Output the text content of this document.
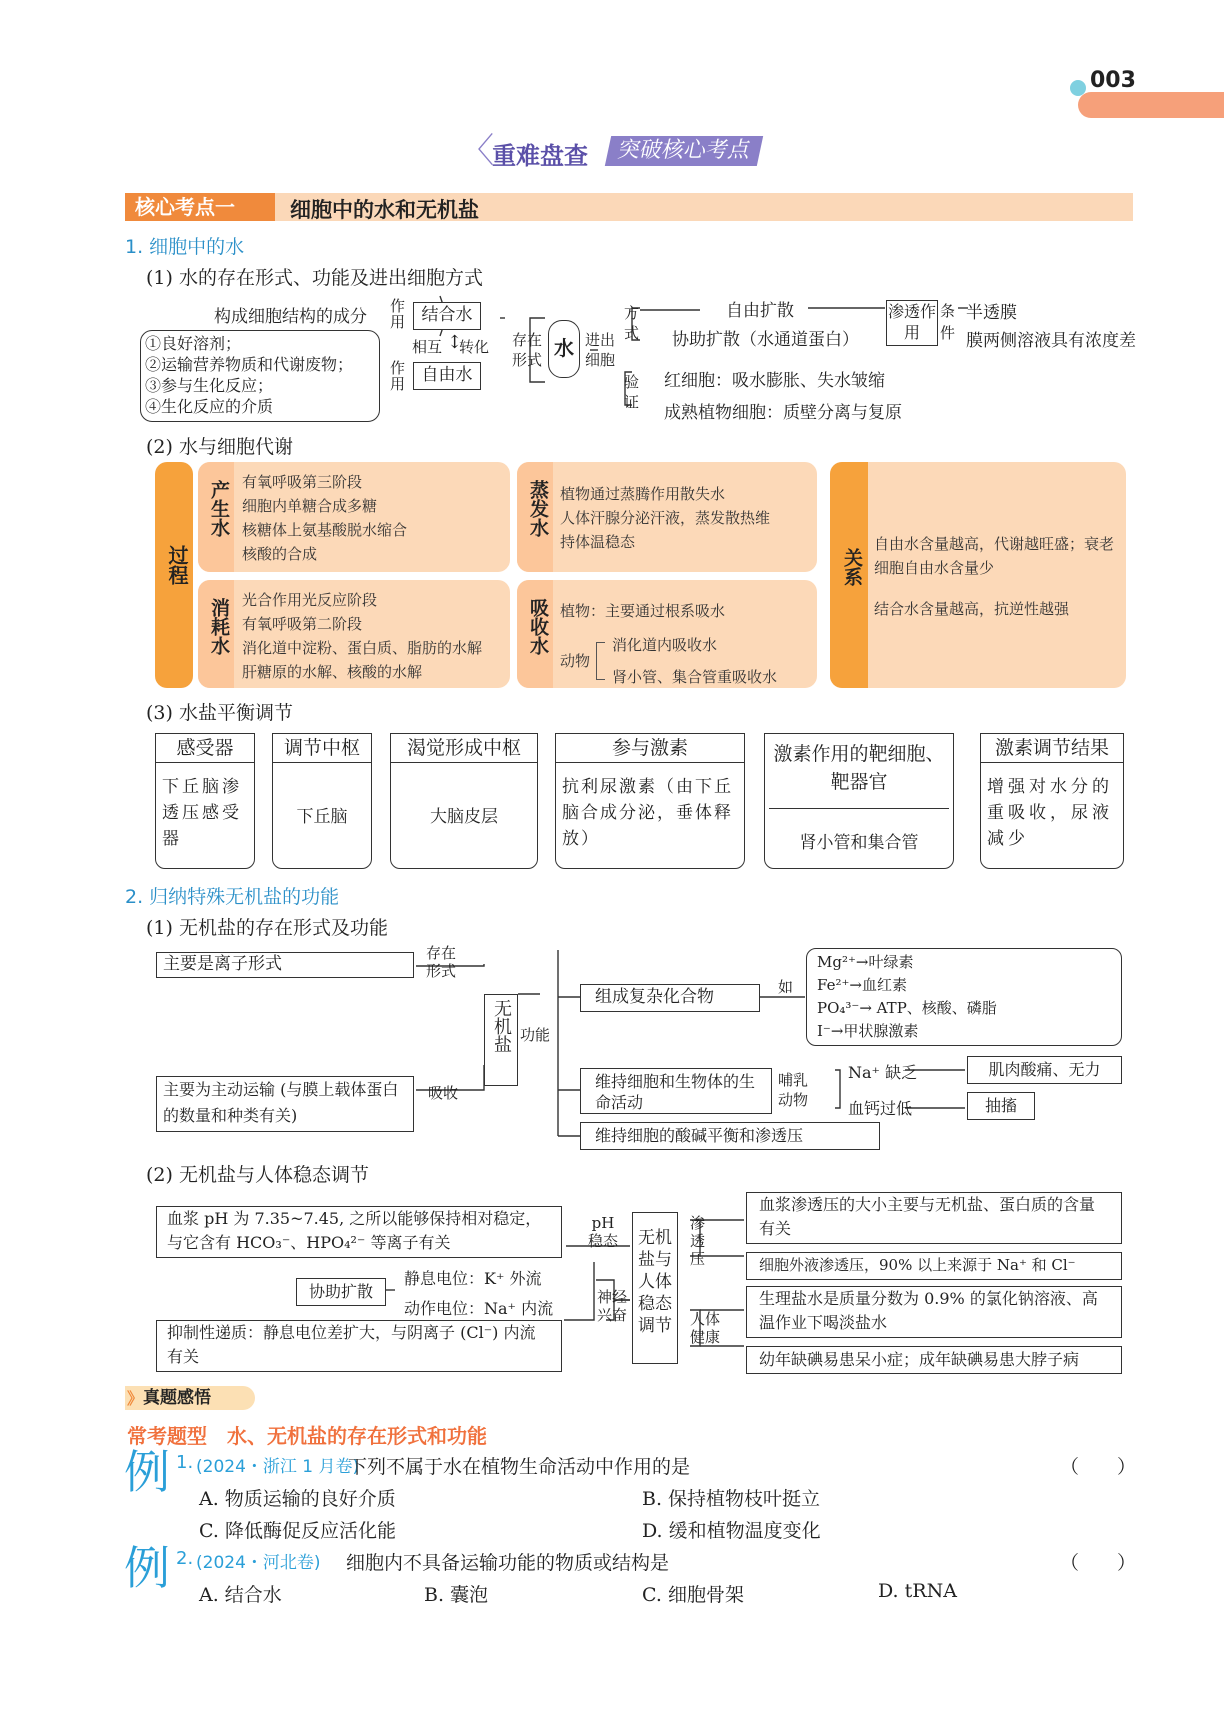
003
〈
重难盘查	突破核心考点
核心考点一	细胞中的水和无机盐
1. 细胞中的水
(1) 水的存在形式、功能及进出细胞方式
构成细胞结构的成分
作用 结合水
相互 ↕
转化
自由水
作用
①良好溶剂；
②运输营养物质和代谢废物；
③参与生化反应；
④生化反应的介质
存在形式 水 进出细胞
方式
自由扩散
协助扩散（水通道蛋白）
渗透作用
条件
半透膜
膜两侧溶液具有浓度差
验证
红细胞：吸水膨胀、失水皱缩
成熟植物细胞：质壁分离与复原
(2) 水与细胞代谢
过程
产生水 有氧呼吸第三阶段
细胞内单糖合成多糖
核糖体上氨基酸脱水缩合
核酸的合成
消耗水 光合作用光反应阶段
有氧呼吸第二阶段
消化道中淀粉、蛋白质、脂肪的水解
肝糖原的水解、核酸的水解
蒸发水 植物通过蒸腾作用散失水
人体汗腺分泌汗液，蒸发散热维
持体温稳态
吸收水 植物：主要通过根系吸水
动物
消化道内吸收水
肾小管、集合管重吸收水
关系
自由水含量越高，代谢越旺盛；衰老细胞自由水含量少
结合水含量越高，抗逆性越强
(3) 水盐平衡调节
感受器
下丘脑渗透压感受器
调节中枢
下丘脑
渴觉形成中枢
大脑皮层
参与激素
抗利尿激素（由下丘脑合成分泌，垂体释放）
激素作用的靶细胞、靶器官
肾小管和集合管
激素调节结果
增强对水分的重吸收，尿液减少
2. 归纳特殊无机盐的功能
(1) 无机盐的存在形式及功能
主要是离子形式
存在形式
无机盐 功能
主要为主动运输 (与膜上载体蛋白的数量和种类有关)
吸收
组成复杂化合物	如
Mg²⁺→叶绿素
Fe²⁺→血红素
PO₄³⁻→ ATP、核酸、磷脂
I⁻→甲状腺激素
维持细胞和生物体的生命活动
哺乳动物
Na⁺ 缺乏	肌肉酸痛、无力
血钙过低	抽搐
维持细胞的酸碱平衡和渗透压
(2) 无机盐与人体稳态调节
血浆 pH 为 7.35~7.45, 之所以能够保持相对稳定，与它含有 HCO₃⁻、HPO₄²⁻ 等离子有关
pH稳态
协助扩散
静息电位：K⁺ 外流
动作电位：Na⁺ 内流
抑制性递质：静息电位差扩大，与阴离子 (Cl⁻) 内流有关
神经兴奋
无机盐与人体稳态调节
渗透压
血浆渗透压的大小主要与无机盐、蛋白质的含量有关
细胞外液渗透压，90% 以上来源于 Na⁺ 和 Cl⁻
人体健康
生理盐水是质量分数为 0.9% 的氯化钠溶液、高温作业下喝淡盐水
幼年缺碘易患呆小症；成年缺碘易患大脖子病
真题感悟
》
常考题型　水、无机盐的存在形式和功能
例 1. (2024・浙江 1 月卷)
下列不属于水在植物生命活动中作用的是	（　　）
A. 物质运输的良好介质	B. 保持植物枝叶挺立
C. 降低酶促反应活化能	D. 缓和植物温度变化
例 2. (2024・河北卷) 细胞内不具备运输功能的物质或结构是	（　　）
A. 结合水	B. 囊泡	C. 细胞骨架	D. tRNA
